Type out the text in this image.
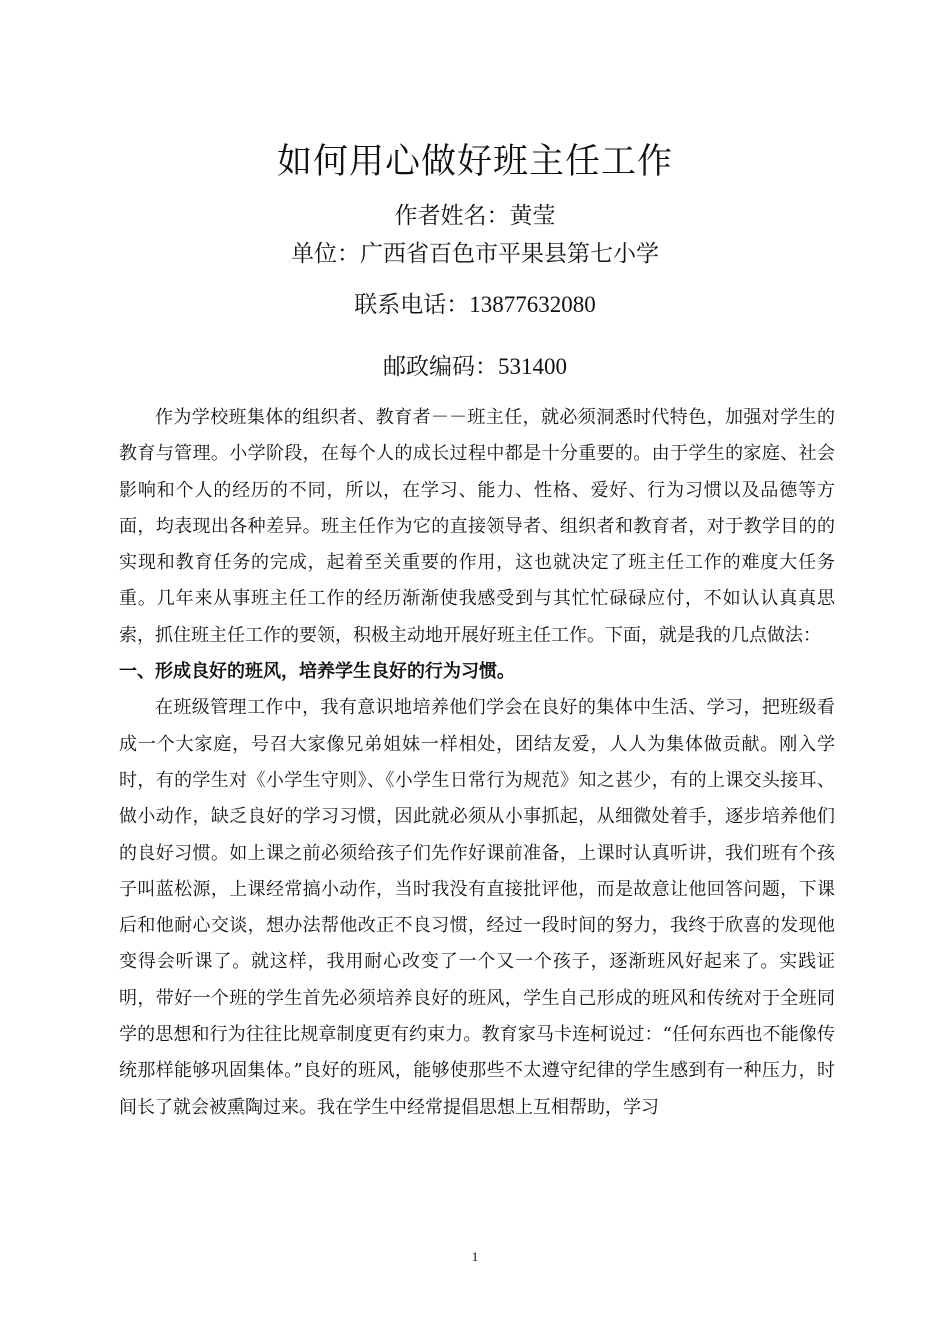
如何用心做好班主任工作
作者姓名：黄莹
单位：广西省百色市平果县第七小学
联系电话：13877632080
邮政编码：531400

作为学校班集体的组织者、教育者－－班主任，就必须洞悉时代特色，加强对学生的教育与管理。小学阶段，在每个人的成长过程中都是十分重要的。由于学生的家庭、社会影响和个人的经历的不同，所以，在学习、能力、性格、爱好、行为习惯以及品德等方面，均表现出各种差异。班主任作为它的直接领导者、组织者和教育者，对于教学目的的实现和教育任务的完成，起着至关重要的作用，这也就决定了班主任工作的难度大任务重。几年来从事班主任工作的经历渐渐使我感受到与其忙忙碌碌应付，不如认认真真思索，抓住班主任工作的要领，积极主动地开展好班主任工作。下面，就是我的几点做法：

一、形成良好的班风，培养学生良好的行为习惯。

在班级管理工作中，我有意识地培养他们学会在良好的集体中生活、学习，把班级看成一个大家庭，号召大家像兄弟姐妹一样相处，团结友爱，人人为集体做贡献。刚入学时，有的学生对《小学生守则》、《小学生日常行为规范》知之甚少，有的上课交头接耳、做小动作，缺乏良好的学习习惯，因此就必须从小事抓起，从细微处着手，逐步培养他们的良好习惯。如上课之前必须给孩子们先作好课前准备，上课时认真听讲，我们班有个孩子叫蓝松源，上课经常搞小动作，当时我没有直接批评他，而是故意让他回答问题，下课后和他耐心交谈，想办法帮他改正不良习惯，经过一段时间的努力，我终于欣喜的发现他变得会听课了。就这样，我用耐心改变了一个又一个孩子，逐渐班风好起来了。实践证明，带好一个班的学生首先必须培养良好的班风，学生自己形成的班风和传统对于全班同学的思想和行为往往比规章制度更有约束力。教育家马卡连柯说过：“任何东西也不能像传统那样能够巩固集体。”良好的班风，能够使那些不太遵守纪律的学生感到有一种压力，时间长了就会被熏陶过来。我在学生中经常提倡思想上互相帮助，学习

1
